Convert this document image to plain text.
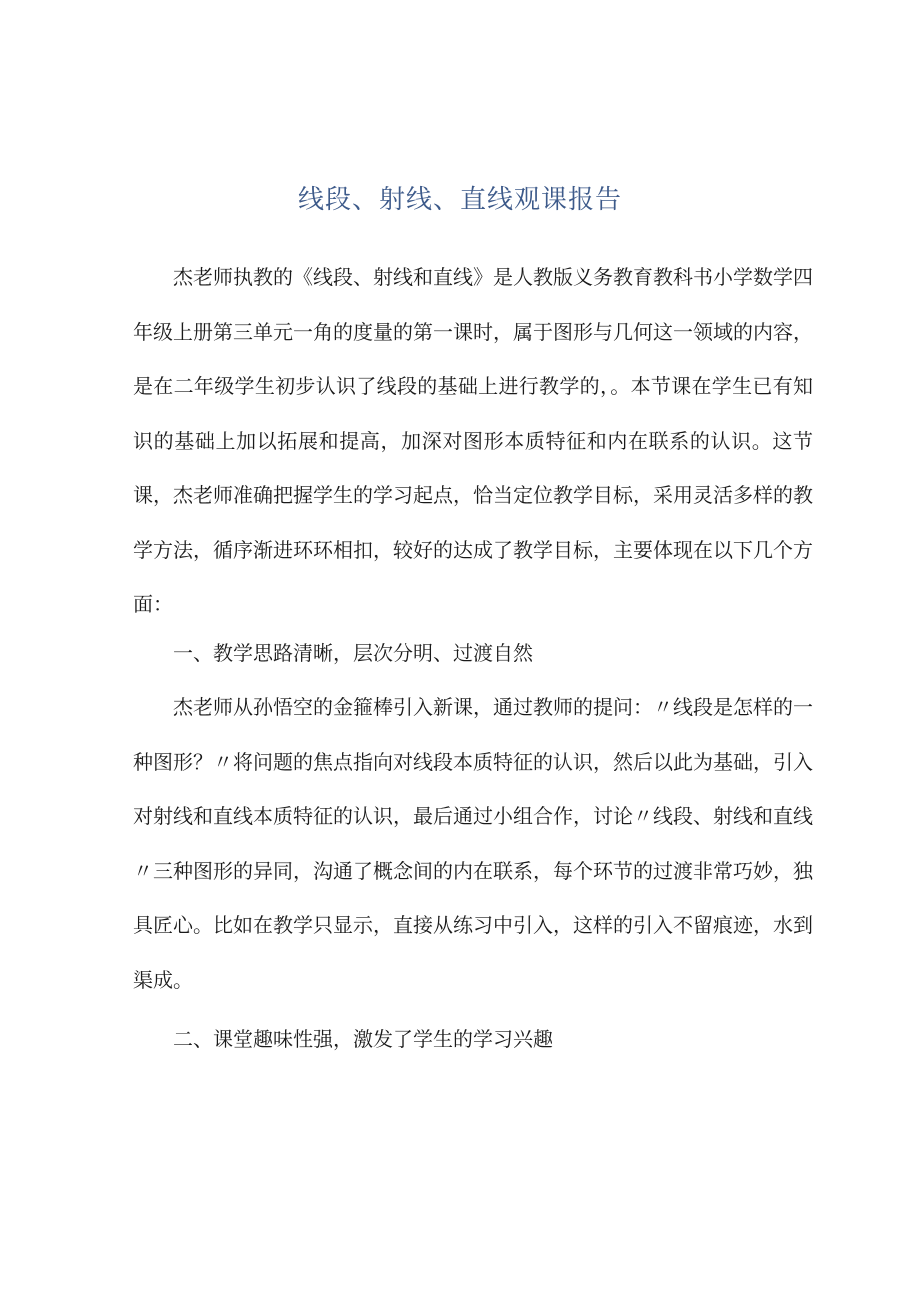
线段、射线、直线观课报告

杰老师执教的《线段、射线和直线》是人教版义务教育教科书小学数学四年级上册第三单元一角的度量的第一课时，属于图形与几何这一领域的内容，是在二年级学生初步认识了线段的基础上进行教学的，。本节课在学生已有知识的基础上加以拓展和提高，加深对图形本质特征和内在联系的认识。这节课，杰老师准确把握学生的学习起点，恰当定位教学目标，采用灵活多样的教学方法，循序渐进环环相扣，较好的达成了教学目标，主要体现在以下几个方面：

一、教学思路清晰，层次分明、过渡自然

杰老师从孙悟空的金箍棒引入新课，通过教师的提问：〃线段是怎样的一种图形？〃将问题的焦点指向对线段本质特征的认识，然后以此为基础，引入对射线和直线本质特征的认识，最后通过小组合作，讨论〃线段、射线和直线〃三种图形的异同，沟通了概念间的内在联系，每个环节的过渡非常巧妙，独具匠心。比如在教学只显示，直接从练习中引入，这样的引入不留痕迹，水到渠成。

二、课堂趣味性强，激发了学生的学习兴趣
